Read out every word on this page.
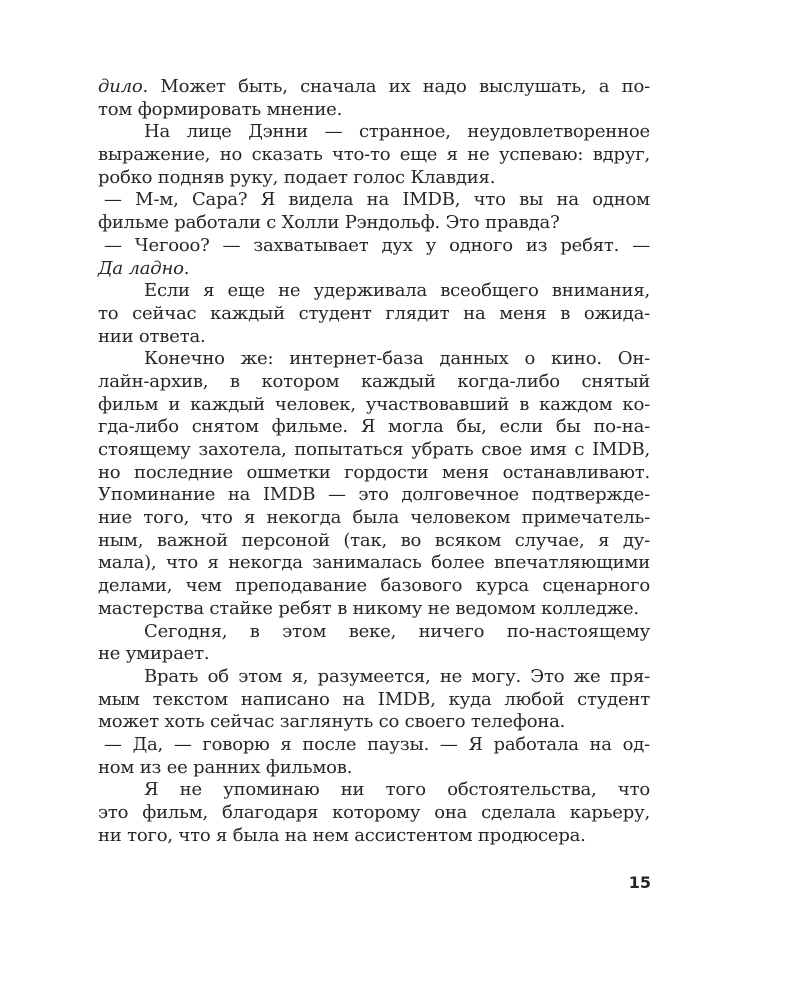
дило. Может быть, сначала их надо выслушать, а по-
том формировать мнение.
На лице Дэнни — странное, неудовлетворенное
выражение, но сказать что-то еще я не успеваю: вдруг,
робко подняв руку, подает голос Клавдия.
— М-м, Сара? Я видела на IMDB, что вы на одном
фильме работали с Холли Рэндольф. Это правда?
— Чегооо? — захватывает дух у одного из ребят. —
Да ладно.
Если я еще не удерживала всеобщего внимания,
то сейчас каждый студент глядит на меня в ожида-
нии ответа.
Конечно же: интернет-база данных о кино. Он-
лайн-архив, в котором каждый когда-либо снятый
фильм и каждый человек, участвовавший в каждом ко-
гда-либо снятом фильме. Я могла бы, если бы по-на-
стоящему захотела, попытаться убрать свое имя с IMDB,
но последние ошметки гордости меня останавливают.
Упоминание на IMDB — это долговечное подтвержде-
ние того, что я некогда была человеком примечатель-
ным, важной персоной (так, во всяком случае, я ду-
мала), что я некогда занималась более впечатляющими
делами, чем преподавание базового курса сценарного
мастерства стайке ребят в никому не ведомом колледже.
Сегодня, в этом веке, ничего по-настоящему
не умирает.
Врать об этом я, разумеется, не могу. Это же пря-
мым текстом написано на IMDB, куда любой студент
может хоть сейчас заглянуть со своего телефона.
— Да, — говорю я после паузы. — Я работала на од-
ном из ее ранних фильмов.
Я не упоминаю ни того обстоятельства, что
это фильм, благодаря которому она сделала карьеру,
ни того, что я была на нем ассистентом продюсера.
15
